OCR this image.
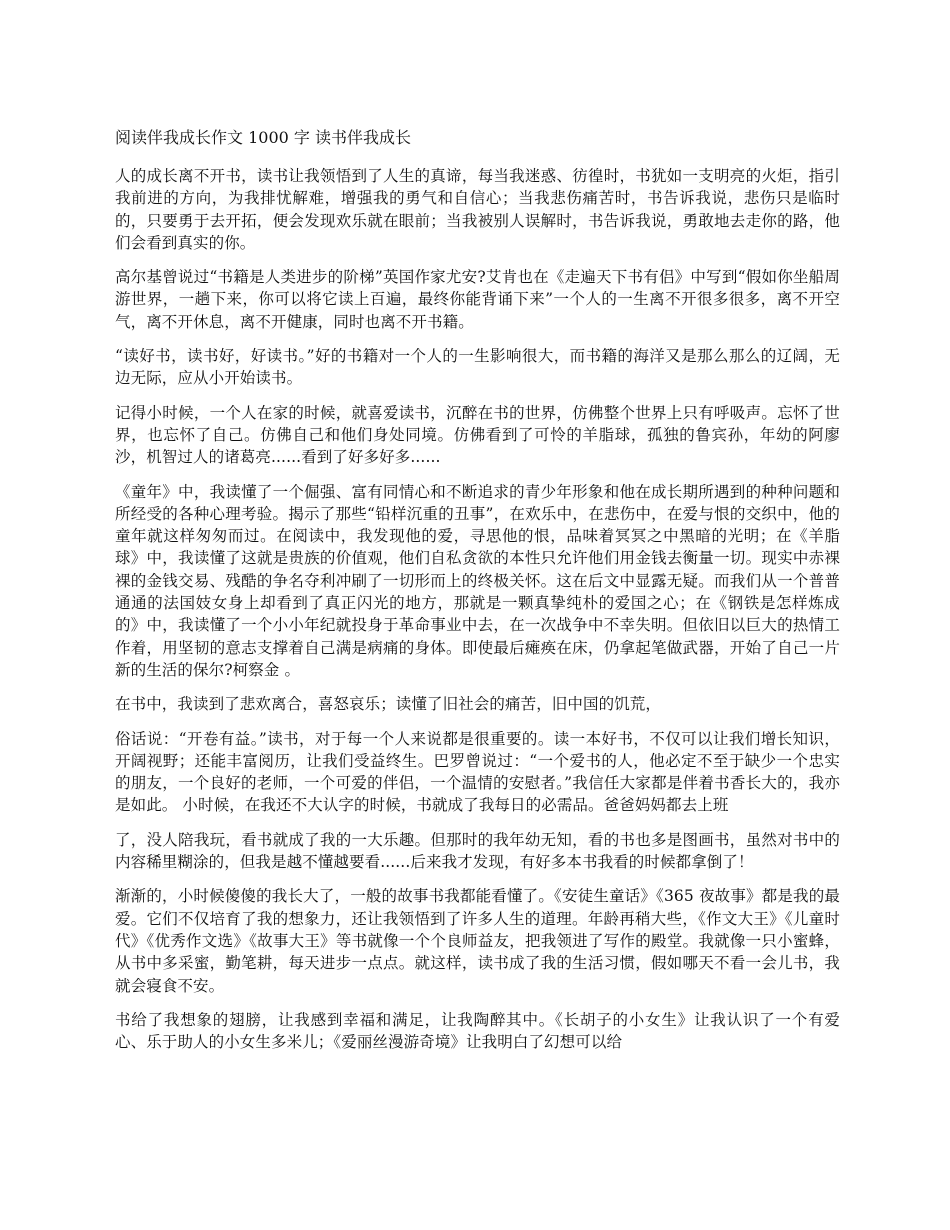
阅读伴我成长作文 1000 字 读书伴我成长

人的成长离不开书，读书让我领悟到了人生的真谛，每当我迷惑、彷徨时，书犹如一支明亮的火炬，指引我前进的方向，为我排忧解难，增强我的勇气和自信心；当我悲伤痛苦时，书告诉我说，悲伤只是临时的，只要勇于去开拓，便会发现欢乐就在眼前；当我被别人误解时，书告诉我说，勇敢地去走你的路，他们会看到真实的你。

高尔基曾说过“书籍是人类进步的阶梯”英国作家尤安?艾肯也在《走遍天下书有侣》中写到“假如你坐船周游世界，一趟下来，你可以将它读上百遍，最终你能背诵下来”一个人的一生离不开很多很多，离不开空气，离不开休息，离不开健康，同时也离不开书籍。

“读好书，读书好，好读书。”好的书籍对一个人的一生影响很大，而书籍的海洋又是那么那么的辽阔，无边无际，应从小开始读书。

记得小时候，一个人在家的时候，就喜爱读书，沉醉在书的世界，仿佛整个世界上只有呼吸声。忘怀了世界，也忘怀了自己。仿佛自己和他们身处同境。仿佛看到了可怜的羊脂球，孤独的鲁宾孙，年幼的阿廖沙，机智过人的诸葛亮......看到了好多好多......

《童年》中，我读懂了一个倔强、富有同情心和不断追求的青少年形象和他在成长期所遇到的种种问题和所经受的各种心理考验。揭示了那些“铅样沉重的丑事”，在欢乐中，在悲伤中，在爱与恨的交织中，他的童年就这样匆匆而过。在阅读中，我发现他的爱，寻思他的恨，品味着冥冥之中黑暗的光明；在《羊脂球》中，我读懂了这就是贵族的价值观，他们自私贪欲的本性只允许他们用金钱去衡量一切。现实中赤裸裸的金钱交易、残酷的争名夺利冲刷了一切形而上的终极关怀。这在后文中显露无疑。而我们从一个普普通通的法国妓女身上却看到了真正闪光的地方，那就是一颗真挚纯朴的爱国之心；在《钢铁是怎样炼成的》中，我读懂了一个小小年纪就投身于革命事业中去，在一次战争中不幸失明。但依旧以巨大的热情工作着，用坚韧的意志支撑着自己满是病痛的身体。即使最后瘫痪在床，仍拿起笔做武器，开始了自己一片新的生活的保尔?柯察金 。

在书中，我读到了悲欢离合，喜怒哀乐；读懂了旧社会的痛苦，旧中国的饥荒，

俗话说：“开卷有益。”读书，对于每一个人来说都是很重要的。读一本好书，不仅可以让我们增长知识，开阔视野；还能丰富阅历，让我们受益终生。巴罗曾说过：“一个爱书的人，他必定不至于缺少一个忠实的朋友，一个良好的老师，一个可爱的伴侣，一个温情的安慰者。”我信任大家都是伴着书香长大的，我亦是如此。 小时候，在我还不大认字的时候，书就成了我每日的必需品。爸爸妈妈都去上班

了，没人陪我玩，看书就成了我的一大乐趣。但那时的我年幼无知，看的书也多是图画书，虽然对书中的内容稀里糊涂的，但我是越不懂越要看......后来我才发现，有好多本书我看的时候都拿倒了！

渐渐的，小时候傻傻的我长大了，一般的故事书我都能看懂了。《安徒生童话》《365 夜故事》都是我的最爱。它们不仅培育了我的想象力，还让我领悟到了许多人生的道理。年龄再稍大些，《作文大王》《儿童时代》《优秀作文选》《故事大王》等书就像一个个良师益友，把我领进了写作的殿堂。我就像一只小蜜蜂，从书中多采蜜，勤笔耕，每天进步一点点。就这样，读书成了我的生活习惯，假如哪天不看一会儿书，我就会寝食不安。

书给了我想象的翅膀，让我感到幸福和满足，让我陶醉其中。《长胡子的小女生》让我认识了一个有爱心、乐于助人的小女生多米儿；《爱丽丝漫游奇境》让我明白了幻想可以给
